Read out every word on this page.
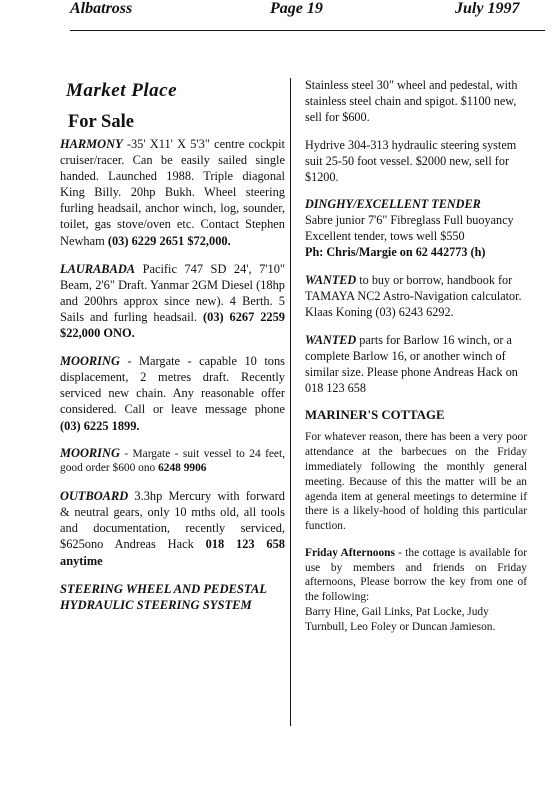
Albatross	Page 19	July 1997
Market Place
For Sale

HARMONY -35' X11' X 5'3" centre cockpit cruiser/racer. Can be easily sailed single handed. Launched 1988. Triple diagonal King Billy. 20hp Bukh. Wheel steering furling headsail, anchor winch, log, sounder, toilet, gas stove/oven etc. Contact Stephen Newham (03) 6229 2651 $72,000.

LAURABADA Pacific 747 SD 24', 7'10" Beam, 2'6" Draft. Yanmar 2GM Diesel (18hp and 200hrs approx since new). 4 Berth. 5 Sails and furling headsail. (03) 6267 2259 $22,000 ONO.

MOORING - Margate - capable 10 tons displacement, 2 metres draft. Recently serviced new chain. Any reasonable offer considered. Call or leave message phone (03) 6225 1899.

MOORING - Margate - suit vessel to 24 feet, good order $600 ono 6248 9906

OUTBOARD 3.3hp Mercury with forward & neutral gears, only 10 mths old, all tools and documentation, recently serviced, $625ono Andreas Hack 018 123 658 anytime

STEERING WHEEL AND PEDESTAL HYDRAULIC STEERING SYSTEM

Stainless steel 30" wheel and pedestal, with stainless steel chain and spigot. $1100 new, sell for $600.

Hydrive 304-313 hydraulic steering system suit 25-50 foot vessel. $2000 new, sell for $1200.

DINGHY/EXCELLENT TENDER
Sabre junior 7'6" Fibreglass Full buoyancy Excellent tender, tows well $550

Ph: Chris/Margie on 62 442773 (h)

WANTED to buy or borrow, handbook for TAMAYA NC2 Astro-Navigation calculator. Klaas Koning (03) 6243 6292.

WANTED parts for Barlow 16 winch, or a complete Barlow 16, or another winch of similar size. Please phone Andreas Hack on 018 123 658

MARINER'S COTTAGE

For whatever reason, there has been a very poor attendance at the barbecues on the Friday immediately following the monthly general meeting. Because of this the matter will be an agenda item at general meetings to determine if there is a likely-hood of holding this particular function.

Friday Afternoons - the cottage is available for use by members and friends on Friday afternoons, Please borrow the key from one of the following:

Barry Hine, Gail Links, Pat Locke, Judy Turnbull, Leo Foley or Duncan Jamieson.
